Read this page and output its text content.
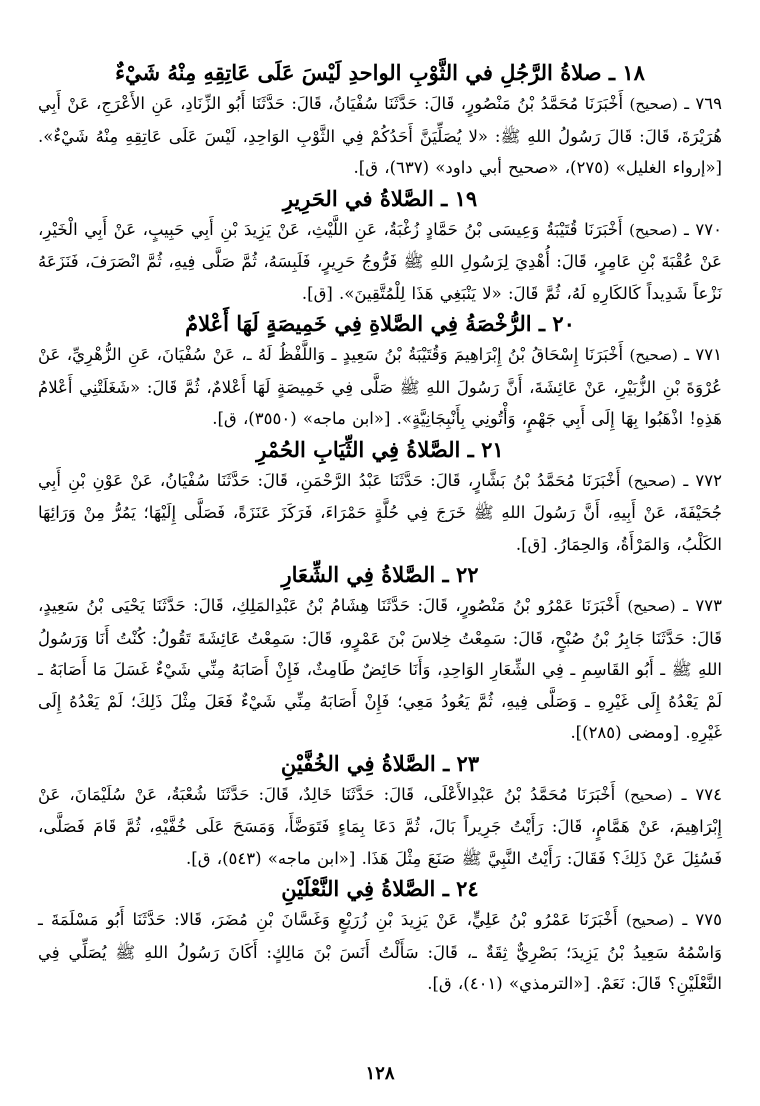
١٨ ـ صلاةُ الرَّجُلِ في الثَّوْبِ الواحدِ لَيْسَ عَلَى عَاتِقِهِ مِنْهُ شَيْءٌ

٧٦٩ ـ (صحيح) أَخْبَرَنَا مُحَمَّدُ بْنُ مَنْصُورٍ، قَالَ: حَدَّثَنَا سُفْيَانُ، قَالَ: حَدَّثَنَا أَبُو الزِّنَادِ، عَنِ الأَعْرَجِ، عَنْ أَبِي هُرَيْرَةَ، قَالَ: قَالَ رَسُولُ اللهِ ﷺ: «لا يُصَلِّيَنَّ أَحَدُكُمْ فِي الثَّوْبِ الوَاحِدِ، لَيْسَ عَلَى عَاتِقِهِ مِنْهُ شَيْءٌ». [«إرواء الغليل» (٢٧٥)، «صحيح أبي داود» (٦٣٧)، ق].

١٩ ـ الصَّلاةُ في الحَرِيرِ

٧٧٠ ـ (صحيح) أَخْبَرَنَا قُتَيْبَةُ وَعِيسَى بْنُ حَمَّادٍ زُغْبَةُ، عَنِ اللَّيْثِ، عَنْ يَزِيدَ بْنِ أَبِي حَبِيبٍ، عَنْ أَبِي الْخَيْرِ، عَنْ عُقْبَةَ بْنِ عَامِرٍ، قَالَ: أُهْدِيَ لِرَسُولِ اللهِ ﷺ فَرُّوجُ حَرِيرٍ، فَلَبِسَهُ، ثُمَّ صَلَّى فِيهِ، ثُمَّ انْصَرَفَ، فَنَزَعَهُ نَزْعاً شَدِيداً كَالكَارِهِ لَهُ، ثُمَّ قَالَ: «لا يَنْبَغِي هَذَا لِلْمُتَّقِينَ». [ق].

٢٠ ـ الرُّخْصَةُ فِي الصَّلاةِ فِي خَمِيصَةٍ لَهَا أَعْلامٌ

٧٧١ ـ (صحيح) أَخْبَرَنَا إِسْحَاقُ بْنُ إِبْرَاهِيمَ وَقُتَيْبَةُ بْنُ سَعِيدٍ ـ وَاللَّفْظُ لَهُ ـ، عَنْ سُفْيَانَ، عَنِ الزُّهْرِيِّ، عَنْ عُرْوَةَ بْنِ الزُّبَيْرِ، عَنْ عَائِشَةَ، أَنَّ رَسُولَ اللهِ ﷺ صَلَّى فِي خَمِيصَةٍ لَهَا أَعْلامٌ، ثُمَّ قَالَ: «شَغَلَتْنِي أَعْلامُ هَذِهِ! اذْهَبُوا بِهَا إِلَى أَبِي جَهْمٍ، وَأْتُونِي بِأَنْبِجَانِيَّةٍ». [«ابن ماجه» (٣٥٥٠)، ق].

٢١ ـ الصَّلاةُ فِي الثِّيَابِ الحُمْرِ

٧٧٢ ـ (صحيح) أَخْبَرَنَا مُحَمَّدُ بْنُ بَشَّارٍ، قَالَ: حَدَّثَنَا عَبْدُ الرَّحْمَنِ، قَالَ: حَدَّثَنَا سُفْيَانُ، عَنْ عَوْنِ بْنِ أَبِي جُحَيْفَةَ، عَنْ أَبِيهِ، أَنَّ رَسُولَ اللهِ ﷺ خَرَجَ فِي حُلَّةٍ حَمْرَاءَ، فَرَكَزَ عَنَزَةً، فَصَلَّى إِلَيْهَا؛ يَمُرُّ مِنْ وَرَائِهَا الكَلْبُ، وَالمَرْأَةُ، وَالحِمَارُ. [ق].

٢٢ ـ الصَّلاةُ فِي الشِّعَارِ

٧٧٣ ـ (صحيح) أَخْبَرَنَا عَمْرُو بْنُ مَنْصُورٍ، قَالَ: حَدَّثَنَا هِشَامُ بْنُ عَبْدِالمَلِكِ، قَالَ: حَدَّثَنَا يَحْيَى بْنُ سَعِيدٍ، قَالَ: حَدَّثَنَا جَابِرُ بْنُ صُبْحٍ، قَالَ: سَمِعْتُ خِلاسَ بْنَ عَمْرٍو، قَالَ: سَمِعْتُ عَائِشَةَ تَقُولُ: كُنْتُ أَنَا وَرَسُولُ اللهِ ﷺ ـ أَبُو القَاسِمِ ـ فِي الشِّعَارِ الوَاحِدِ، وَأَنَا حَائِضٌ طَامِثٌ، فَإِنْ أَصَابَهُ مِنِّي شَيْءٌ غَسَلَ مَا أَصَابَهُ ـ لَمْ يَعْدُهُ إِلَى غَيْرِهِ ـ وَصَلَّى فِيهِ، ثُمَّ يَعُودُ مَعِي؛ فَإِنْ أَصَابَهُ مِنِّي شَيْءٌ فَعَلَ مِثْلَ ذَلِكَ؛ لَمْ يَعْدُهُ إِلَى غَيْرِهِ. [ومضى (٢٨٥)].

٢٣ ـ الصَّلاةُ فِي الخُفَّيْنِ

٧٧٤ ـ (صحيح) أَخْبَرَنَا مُحَمَّدُ بْنُ عَبْدِالأَعْلَى، قَالَ: حَدَّثَنَا خَالِدٌ، قَالَ: حَدَّثَنَا شُعْبَةُ، عَنْ سُلَيْمَانَ، عَنْ إِبْرَاهِيمَ، عَنْ هَمَّامٍ، قَالَ: رَأَيْتُ جَرِيراً بَالَ، ثُمَّ دَعَا بِمَاءٍ فَتَوَضَّأَ، وَمَسَحَ عَلَى خُفَّيْهِ، ثُمَّ قَامَ فَصَلَّى، فَسُئِلَ عَنْ ذَلِكَ؟ فَقَالَ: رَأَيْتُ النَّبِيَّ ﷺ صَنَعَ مِثْلَ هَذَا. [«ابن ماجه» (٥٤٣)، ق].

٢٤ ـ الصَّلاةُ فِي النَّعْلَيْنِ

٧٧٥ ـ (صحيح) أَخْبَرَنَا عَمْرُو بْنُ عَلِيٍّ، عَنْ يَزِيدَ بْنِ زُرَيْعٍ وَغَسَّانَ بْنِ مُضَرَ، قَالا: حَدَّثَنَا أَبُو مَسْلَمَةَ ـ وَاسْمُهُ سَعِيدُ بْنُ يَزِيدَ؛ بَصْرِيٌّ ثِقَةٌ ـ، قَالَ: سَأَلْتُ أَنَسَ بْنَ مَالِكٍ: أَكَانَ رَسُولُ اللهِ ﷺ يُصَلِّي فِي النَّعْلَيْنِ؟ قَالَ: نَعَمْ. [«الترمذي» (٤٠١)، ق].

١٢٨
